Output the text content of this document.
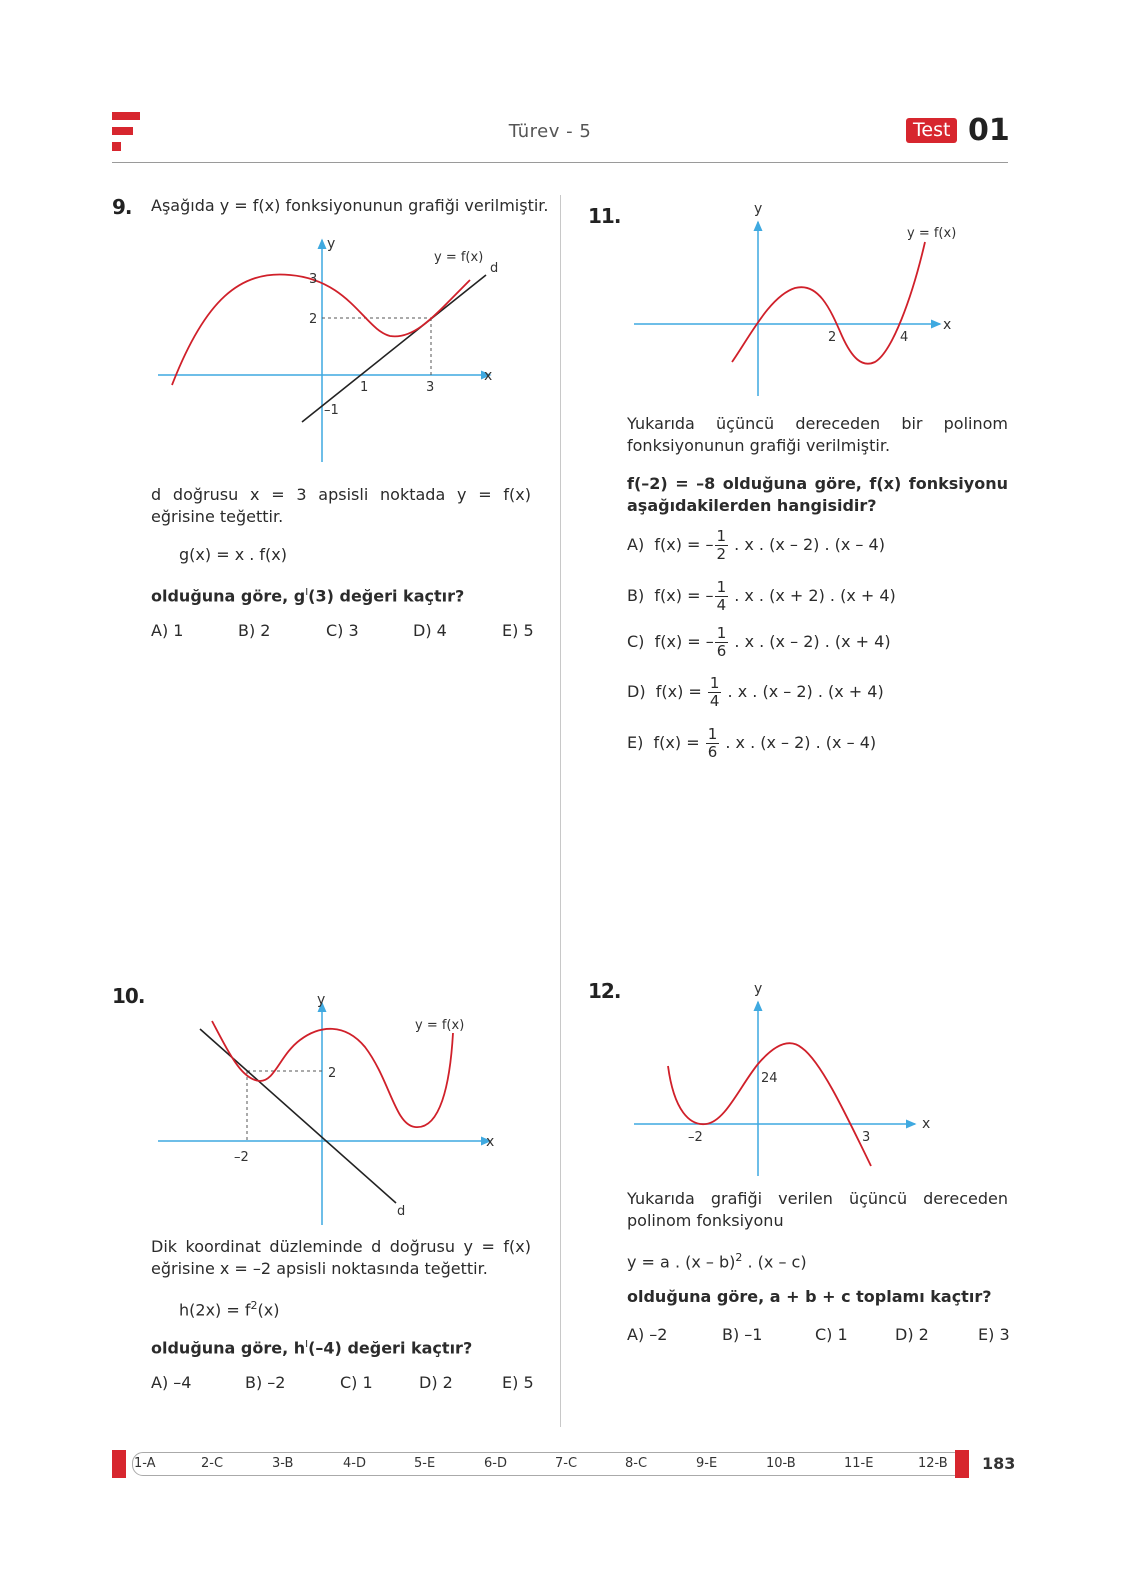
Türev - 5	Test 01
9. Aşağıda y = f(x) fonksiyonunun grafiği verilmiştir.
y
x
y = f(x)
d
3
2
1	3
–1
d doğrusu x = 3 apsisli noktada y = f(x) eğrisine teğettir.
g(x) = x . f(x)
olduğuna göre, $g^I(3)$ değeri kaçtır?
A) 1	B) 2	C) 3	D) 4	E) 5
10.	y
x
y = f(x)
d
2
–2
Dik koordinat düzleminde d doğrusu y = f(x) eğrisine x = –2 apsisli noktasında teğettir.
$h(2x) = f^2(x)$
olduğuna göre, $h^I(-4)$ değeri kaçtır?
A) –4	B) –2	C) 1	D) 2	E) 5
11.	y
x
y = f(x)
2	4
Yukarıda üçüncü dereceden bir polinom fonksiyonunun grafiği verilmiştir.
f(–2) = –8 olduğuna göre, f(x) fonksiyonu aşağıdakilerden hangisidir?
A) f(x) = – $\frac{1}{2}$ . x . (x – 2) . (x – 4)
B) f(x) = – $\frac{1}{4}$ . x . (x + 2) . (x + 4)
C) f(x) = – $\frac{1}{6}$ . x . (x – 2) . (x + 4)
D) $f(x) = \frac{1}{4}$ . x . (x – 2) . (x + 4)
E) $f(x) = \frac{1}{6}$ . x . (x – 2) . (x – 4)
12.	y
x
24
–2	3
Yukarıda grafiği verilen üçüncü dereceden polinom fonksiyonu
y = a . (x – b)$^2$ . (x – c)
olduğuna göre, a + b + c toplamı kaçtır?
A) –2	B) –1	C) 1	D) 2	E) 3
1-A	2-C	3-B	4-D	5-E	6-D	7-C	8-C	9-E	10-B	11-E	12-B 183
